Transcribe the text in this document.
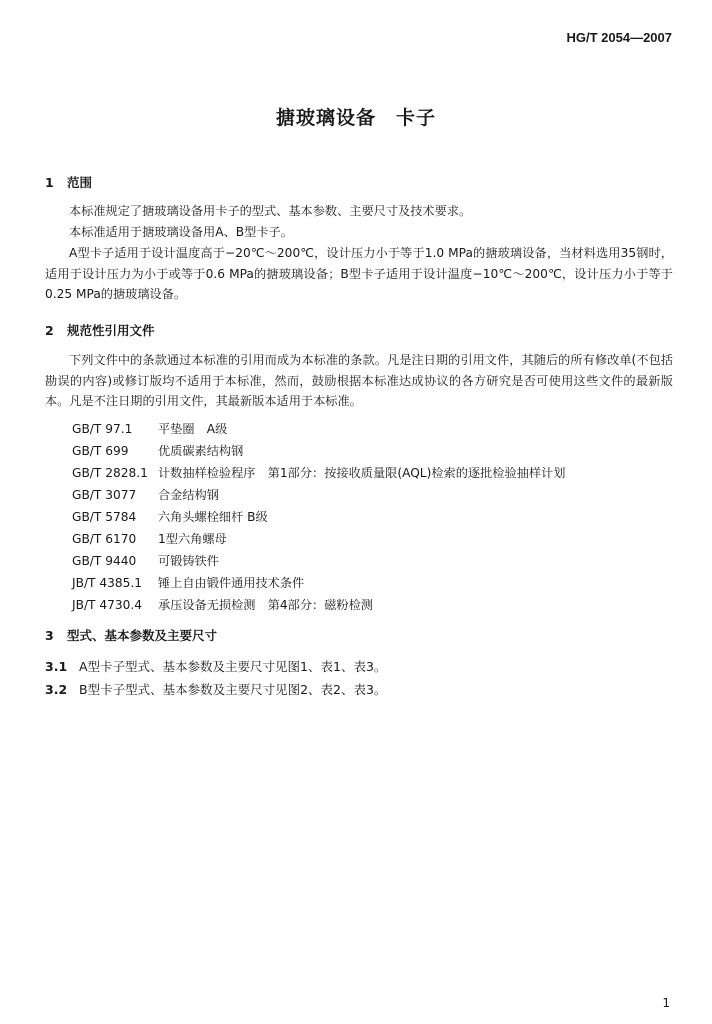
HG/T 2054—2007
搪玻璃设备　卡子
1 范围
本标准规定了搪玻璃设备用卡子的型式、基本参数、主要尺寸及技术要求。
本标准适用于搪玻璃设备用A、B型卡子。
A型卡子适用于设计温度高于−20℃～200℃，设计压力小于等于1.0 MPa的搪玻璃设备，当材料选用35钢时，适用于设计压力为小于或等于0.6 MPa的搪玻璃设备；B型卡子适用于设计温度−10℃～200℃，设计压力小于等于0.25 MPa的搪玻璃设备。
2 规范性引用文件
下列文件中的条款通过本标准的引用而成为本标准的条款。凡是注日期的引用文件，其随后的所有修改单(不包括勘误的内容)或修订版均不适用于本标准，然而，鼓励根据本标准达成协议的各方研究是否可使用这些文件的最新版本。凡是不注日期的引用文件，其最新版本适用于本标准。
GB/T 97.1 平垫圈　A级
GB/T 699 优质碳素结构钢
GB/T 2828.1 计数抽样检验程序　第1部分：按接收质量限(AQL)检索的逐批检验抽样计划
GB/T 3077 合金结构钢
GB/T 5784 六角头螺栓细杆 B级
GB/T 6170 1型六角螺母
GB/T 9440 可锻铸铁件
JB/T 4385.1 锤上自由锻件通用技术条件
JB/T 4730.4 承压设备无损检测　第4部分：磁粉检测
3 型式、基本参数及主要尺寸
3.1 A型卡子型式、基本参数及主要尺寸见图1、表1、表3。
3.2 B型卡子型式、基本参数及主要尺寸见图2、表2、表3。
1
